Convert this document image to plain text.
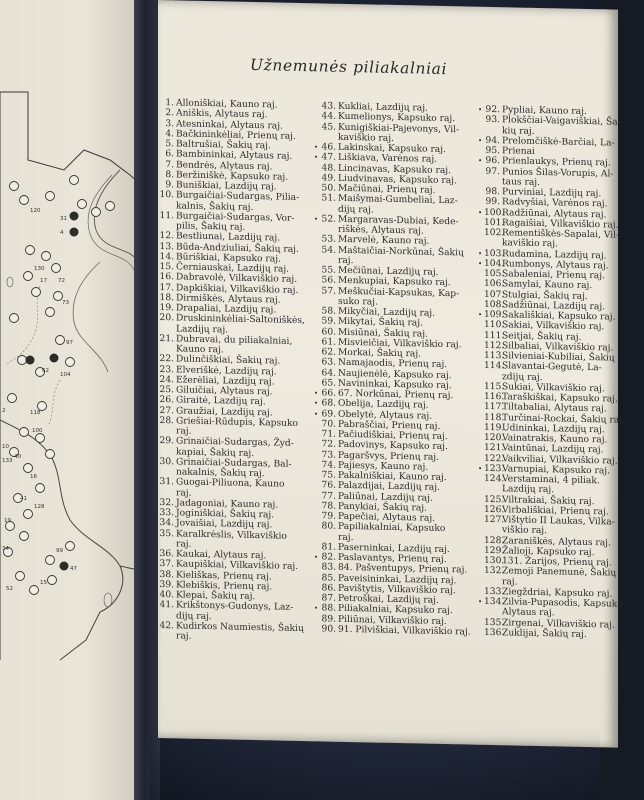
120
31
4
130
72
17
73
97
104
2	118
100
62
133
16
41
128
19
34	99
47
15
52
40
10
Užnemunės piliakalniai
1. Alloniškiai, Kauno raj.
2. Aniškis, Alytaus raj.
•	3. Atesninkai, Alytaus raj.
4. Bačkininkėliai, Prienų raj.
5. Baltrušiai, Šakių raj.
6. Bambininkai, Alytaus raj.
7. Bendrės, Alytaus raj.
8. Beržiniškė, Kapsuko raj.
9. Buniškiai, Lazdijų raj.
10. Burgaičiai-Sudargas, Pilia-
kalnis, Šakių raj.
11. Burgaičiai-Sudargas, Vor-
pilis, Šakių raj.
12. Bestliunai, Lazdijų raj.
13. Būda-Andziuliai, Šakių raj.
14. Būriškiai, Kapsuko raj.
15. Černiauskai, Lazdijų raj.
16. Dabravolė, Vilkaviškio raj.
17. Dapkiškiai, Vilkaviškio raj.
• 18. Dirmiškės, Alytaus raj.
19. Drapaliai, Lazdijų raj.
20. Druskininkėliai-Saltoniškės,
Lazdijų raj.
21. Dubravai, du piliakalniai,
Kauno raj.
22. Dulinčiškiai, Šakių raj.
23. Elveriškė, Lazdijų raj.
24. Ežerėliai, Lazdijų raj.
• 25. Giluičiai, Alytaus raj.
• 26. Giraitė, Lazdijų raj.
27. Graužiai, Lazdijų raj.
28. Griešiai-Rūdupis, Kapsuko
raj.
29. Grinaičiai-Sudargas, Žyd-
kapiai, Šakių raj.
30. Grinaičiai-Sudargas, Bal-
nakalnis, Šakių raj.
31. Guogai-Piliuona, Kauno
raj.
32. Jadagoniai, Kauno raj.
33. Joginiškiai, Šakių raj.
34. Jovaišiai, Lazdijų raj.
35. Karalkrėslis, Vilkaviškio
raj.
36. Kaukai, Alytaus raj.
37. Kaupiškiai, Vilkaviškio raj.
• 38. Kieliškas, Prienų raj.
• 39. Klebiškis, Prienų raj.
40. Klepai, Šakių raj.
• 41. Krikštonys-Gudonys, Laz-
dijų raj.
42. Kudirkos Naumiestis, Šakių
raj.
43. Kukliai, Lazdijų raj.
44. Kumelionys, Kapsuko raj.
45. Kunigiškiai-Pajevonys, Vil-
kaviškio raj.
• 46. Lakinskai, Kapsuko raj.
• 47. Liškiava, Varėnos raj.
48. Lincinavas, Kapsuko raj.
49. Liudvinavas, Kapsuko raj.
50. Mačiūnai, Prienų raj.
51. Maišymai-Gumbeliai, Laz-
dijų raj.
• 52. Margaravas-Dubiai, Kede-
riškės, Alytaus raj.
53. Marvelė, Kauno raj.
54. Maštaičiai-Norkūnai, Šakių
raj.
55. Mečiūnai, Lazdijų raj.
56. Menkupiai, Kapsuko raj.
57. Meškučiai-Kapsukas, Kap-
suko raj.
58. Mikyčiai, Lazdijų raj.
59. Mikytai, Šakių raj.
60. Misiūnai, Šakių raj.
61. Misvieičiai, Vilkaviškio raj.
62. Morkai, Šakių raj.
63. Namajaodis, Prienų raj.
64. Naujienėlė, Kapsuko raj.
65. Navininkai, Kapsuko raj.
• 66. 67. Norkūnai, Prienų raj.
• 68. Obelija, Lazdijų raj.
• 69. Obelytė, Alytaus raj.
70. Pabraščiai, Prienų raj.
71. Pačiudiškiai, Prienų raj.
72. Padovinys, Kapsuko raj.
73. Pagaršvys, Prienų raj.
74. Pajiesys, Kauno raj.
75. Pakalniškiai, Kauno raj.
76. Palazdijai, Lazdijų raj.
77. Paliūnai, Lazdijų raj.
78. Panykiai, Šakių raj.
79. Papečiai, Alytaus raj.
80. Papiliakalniai, Kapsuko
raj.
81. Paserninkai, Lazdijų raj.
• 82. Paslavantys, Prienų raj.
83. 84. Pašventupys, Prienų raj.
85. Paveisininkai, Lazdijų raj.
86. Pavištytis, Vilkaviškio raj.
87. Petroškai, Lazdijų raj.
• 88. Piliakalniai, Kapsuko raj.
89. Piliūnai, Vilkaviškio raj.
90. 91. Pilviškiai, Vilkaviškio raj.
• 92. Pypliai, Kauno raj.
93. Plokščiai-Vaigaviškiai, Ša-
kių raj.
• 94. Prelomčiškė-Barčiai, La-
95. Prienai
• 96. Prienlaukys, Prienų raj.
97. Punios Šilas-Vorupis, Al-
taus raj.
98. Purviniai, Lazdijų raj.
99. Radvyšiai, Varėnos raj.
• 100.
Radžiūnai, Alytaus raj.
101.
Ragaišiai, Vilkaviškio raj.
102.
Rementiškės-Sapalai, Vil-
kaviškio raj.
• 103.
Rudaminа, Lazdijų raj.
• 104.
Rumbonys, Alytaus raj.
105.
Sabaleniai, Prienų raj.
106.
Samylai, Kauno raj.
107.
Stulgiai, Šakių raj.
108.
Sadžiūnai, Lazdijų raj.
• 109.
Sakališkiai, Kapsuko raj.
110.
Sakiai, Vilkaviškio raj.
111.
Seitjai, Šakių raj.
112.
Silbaliai, Vilkaviškio raj.
113.
Silvieniai-Kubiliai, Šakių
114.
Slavantai-Gegutė, La-
zdijų raj.
115.
Sukiai, Vilkaviškio raj.
116.
Taraškiškai, Kapsuko raj.
117.
Tiltabaliai, Alytaus raj.
118.
Turčinai-Rockai, Šakių raj.
119.
Udininkai, Lazdijų raj.
120.
Vainatrakis, Kauno raj.
121.
Vaintūnai, Lazdijų raj.
122.
Vaikviliai, Vilkaviškio raj.
• 123.
Varnupiai, Kapsuko raj.
124.
Verstaminai, 4 piliak.
Lazdijų raj.
125.
Viltrakiai, Šakių raj.
126.
Virbališkiai, Prienų raj.
127.
Vištytio II Laukas, Vilka-
viškio raj.
128.
Zaraniškės, Alytaus raj.
129.
Žalioji, Kapsuko raj.
130.
131. Žarijos, Prienų raj.
132.
Zemoji Panemunė, Šakių
raj.
133.
Ziegždriai, Kapsuko raj.
• 134.
Zilvia-Pupasodis, Kapsuko
Alytaus raj.
135.
Zirgenai, Vilkaviškio raj.
136.
Zuklijai, Šakių raj.
